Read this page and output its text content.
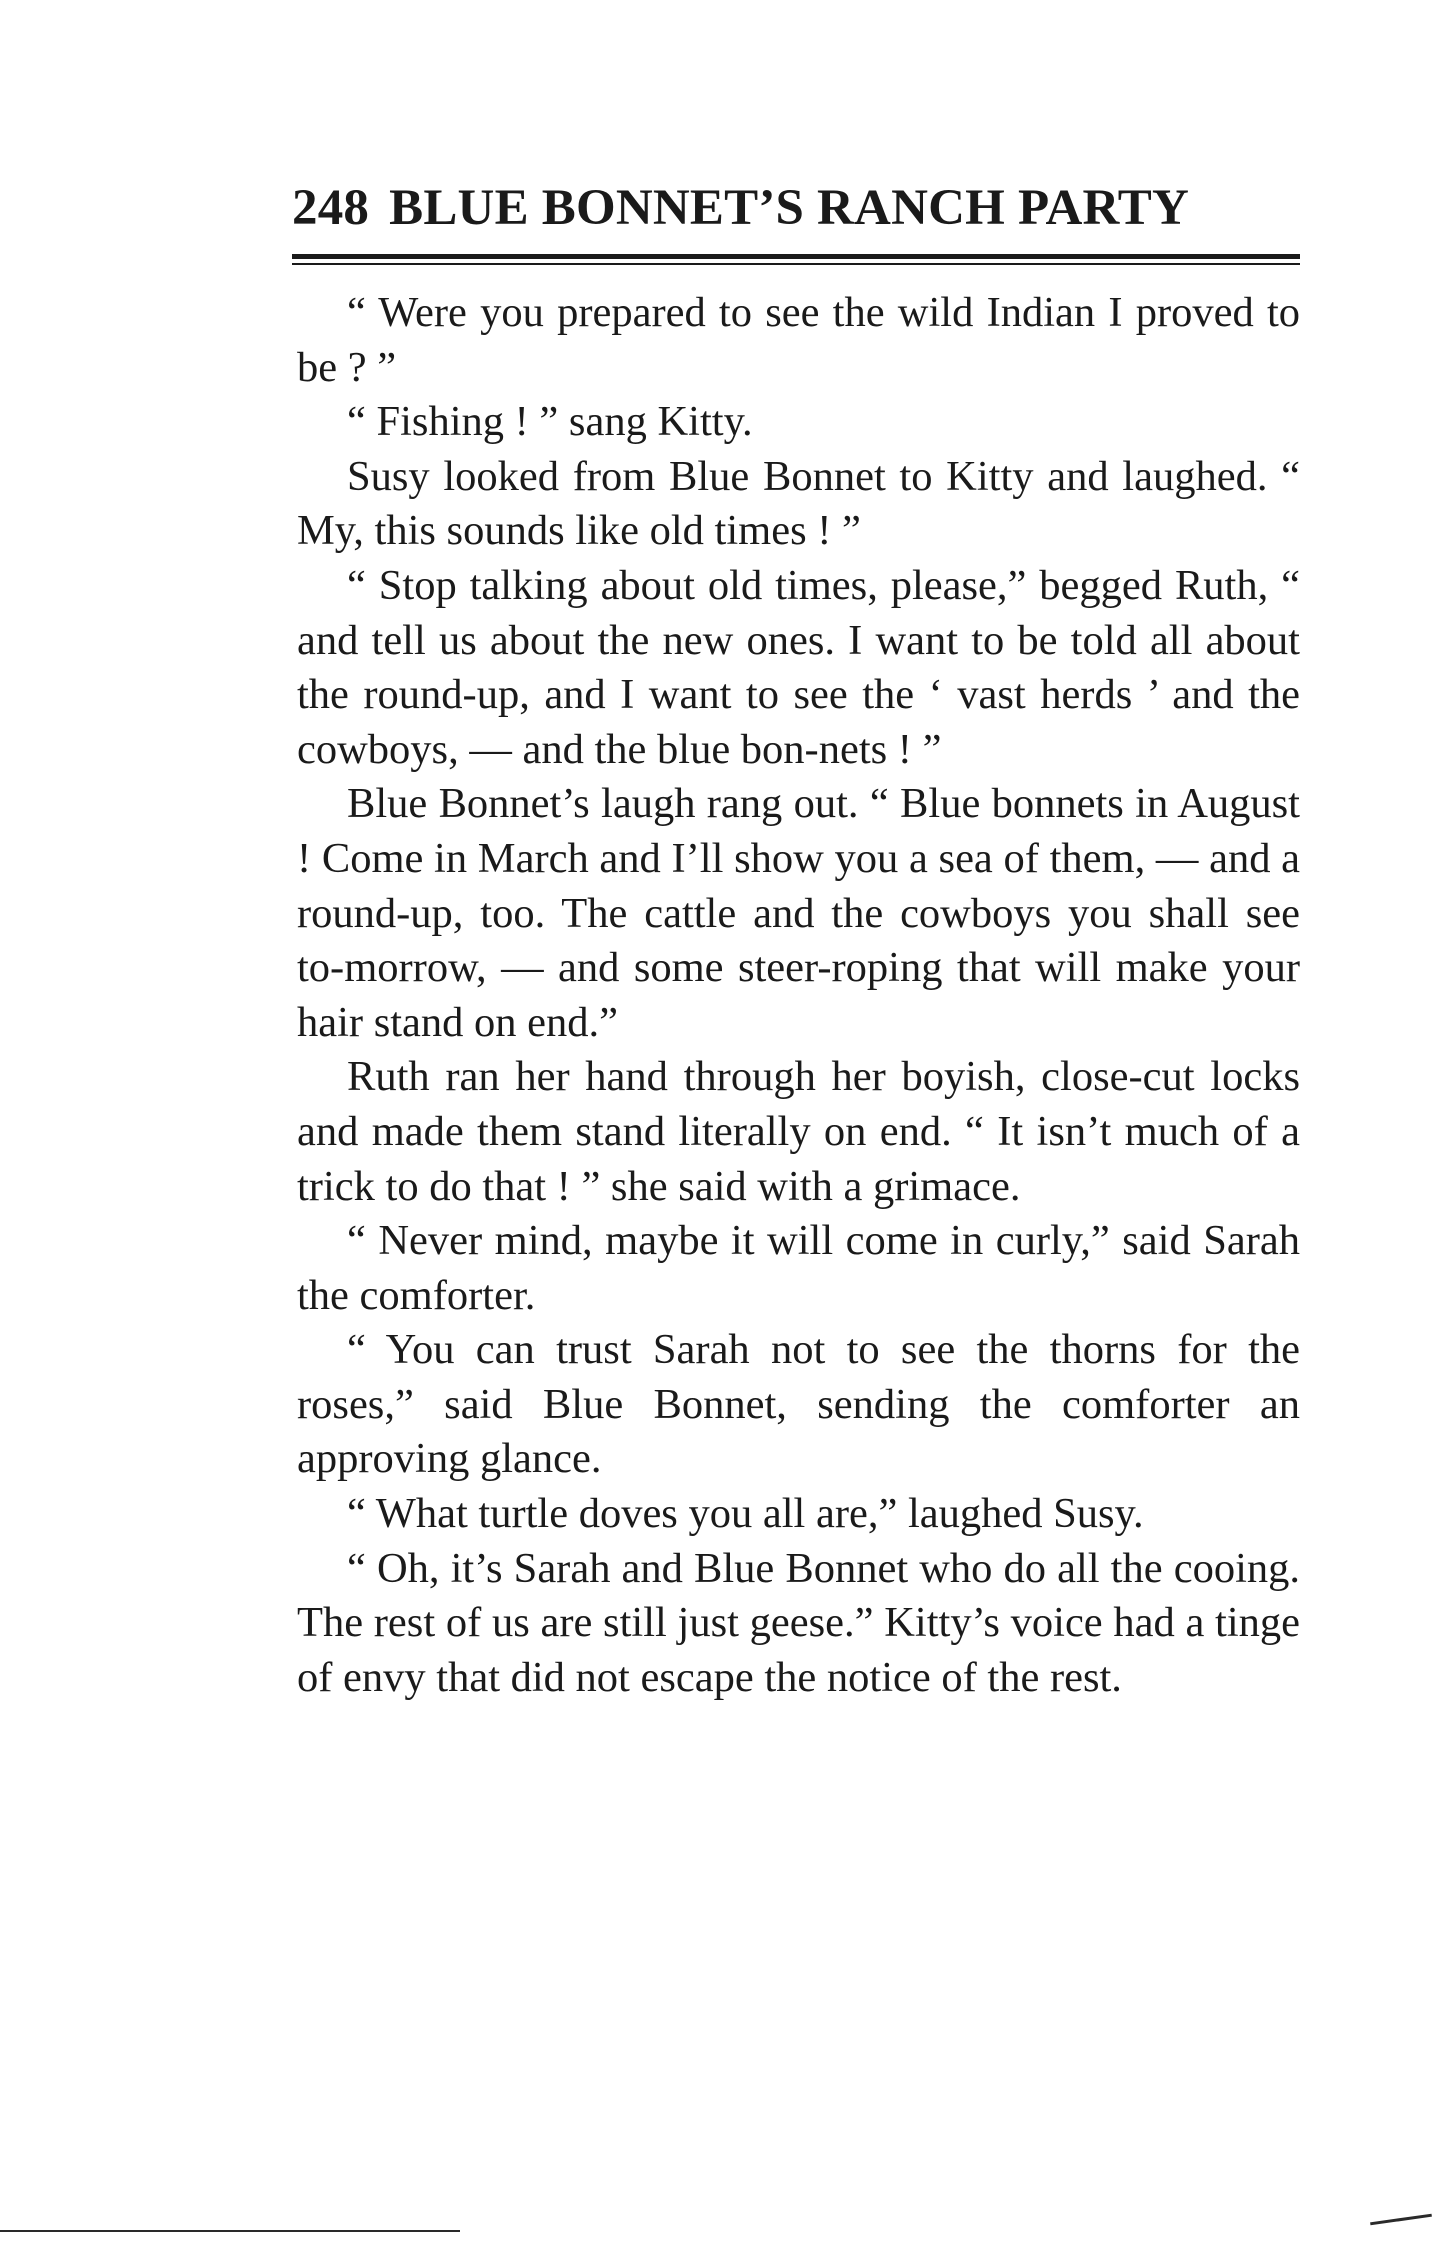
248 BLUE BONNET’S RANCH PARTY

“ Were you prepared to see the wild Indian I proved to be ? ”

“ Fishing ! ” sang Kitty.

Susy looked from Blue Bonnet to Kitty and laughed. “ My, this sounds like old times ! ”

“ Stop talking about old times, please,” begged Ruth, “ and tell us about the new ones. I want to be told all about the round-up, and I want to see the ‘ vast herds ’ and the cowboys, — and the blue bon-nets ! ”

Blue Bonnet’s laugh rang out. “ Blue bonnets in August ! Come in March and I’ll show you a sea of them, — and a round-up, too. The cattle and the cowboys you shall see to-morrow, — and some steer-roping that will make your hair stand on end.”

Ruth ran her hand through her boyish, close-cut locks and made them stand literally on end. “ It isn’t much of a trick to do that ! ” she said with a grimace.

“ Never mind, maybe it will come in curly,” said Sarah the comforter.

“ You can trust Sarah not to see the thorns for the roses,” said Blue Bonnet, sending the comforter an approving glance.

“ What turtle doves you all are,” laughed Susy.

“ Oh, it’s Sarah and Blue Bonnet who do all the cooing. The rest of us are still just geese.” Kitty’s voice had a tinge of envy that did not escape the notice of the rest.
